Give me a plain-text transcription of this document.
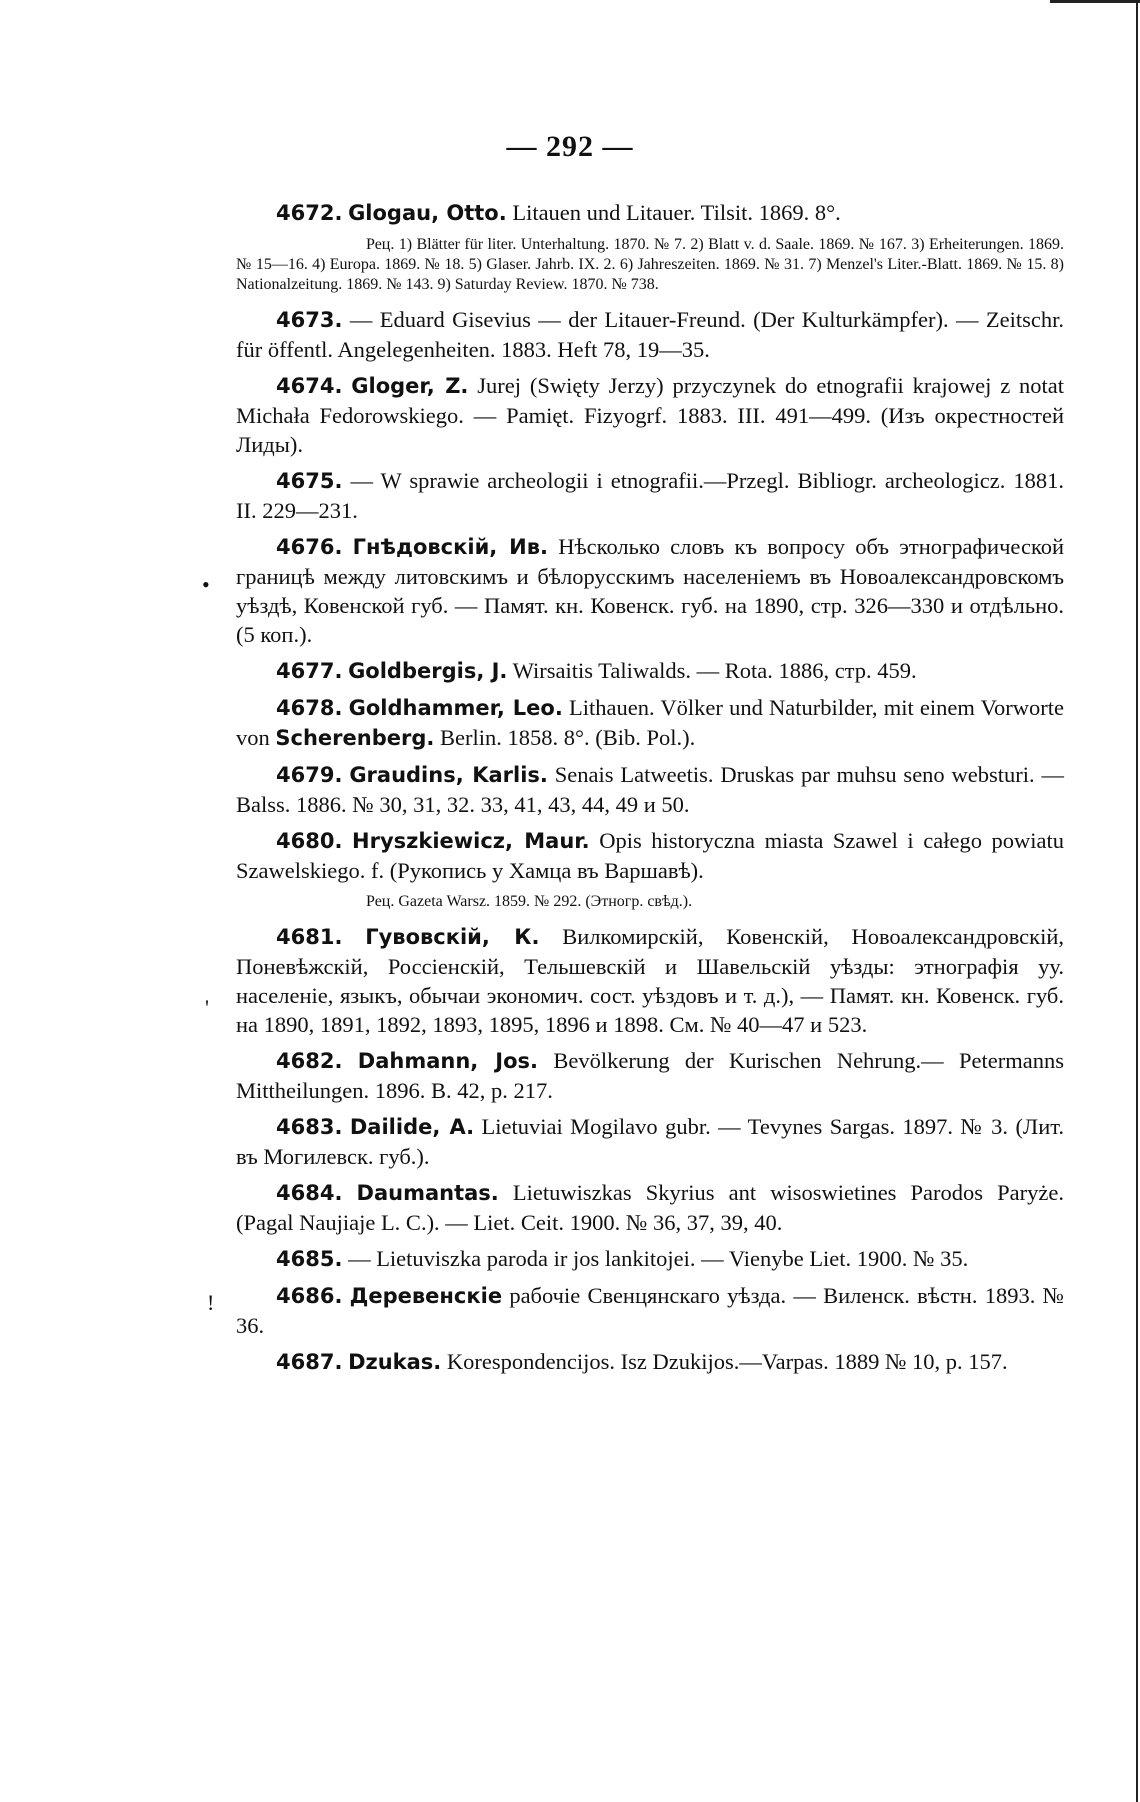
— 292 —
•
'
!

4672. Glogau, Otto. Litauen und Litauer. Tilsit. 1869. 8°.

Рец. 1) Blätter für liter. Unterhaltung. 1870. № 7. 2) Blatt v. d. Saale. 1869. № 167. 3) Erheiterungen. 1869. № 15—16. 4) Europa. 1869. № 18. 5) Glaser. Jahrb. IX. 2. 6) Jahreszeiten. 1869. № 31. 7) Menzel's Liter.-Blatt. 1869. № 15. 8) Nationalzeitung. 1869. № 143. 9) Saturday Review. 1870. № 738.

4673. — Eduard Gisevius — der Litauer-Freund. (Der Kulturkämpfer). — Zeitschr. für öffentl. Angelegenheiten. 1883. Heft 78, 19—35.

4674. Gloger, Z. Jurej (Swięty Jerzy) przyczynek do etnografii krajowej z notat Michała Fedorowskiego. — Pamięt. Fizyogrf. 1883. III. 491—499. (Изъ окрестностей Лиды).

4675. — W sprawie archeologii i etnografii.—Przegl. Bibliogr. archeologicz. 1881. II. 229—231.

4676. Гнѣдовскій, Ив. Нѣсколько словъ къ вопросу объ этнографической границѣ между литовскимъ и бѣлорусскимъ населеніемъ въ Новоалександровскомъ уѣздѣ, Ковенской губ. — Памят. кн. Ковенск. губ. на 1890, стр. 326—330 и отдѣльно. (5 коп.).

4677. Goldbergis, J. Wirsaitis Taliwalds. — Rota. 1886, стр. 459.

4678. Goldhammer, Leo. Lithauen. Völker und Naturbilder, mit einem Vorworte von Scherenberg. Berlin. 1858. 8°. (Bib. Pol.).

4679. Graudins, Karlis. Senais Latweetis. Druskas par muhsu seno websturi. — Balss. 1886. № 30, 31, 32. 33, 41, 43, 44, 49 и 50.

4680. Hryszkiewicz, Maur. Opis historyczna miasta Szawel i całego powiatu Szawelskiego. f. (Рукопись у Хамца въ Варшавѣ).

Рец. Gazeta Warsz. 1859. № 292. (Этногр. свѣд.).

4681. Гувовскій, К. Вилкомирскій, Ковенскій, Новоалександровскій, Поневѣжскій, Россіенскій, Тельшевскій и Шавельскій уѣзды: этнографія уу. населеніе, языкъ, обычаи экономич. сост. уѣздовъ и т. д.), — Памят. кн. Ковенск. губ. на 1890, 1891, 1892, 1893, 1895, 1896 и 1898. См. № 40—47 и 523.

4682. Dahmann, Jos. Bevölkerung der Kurischen Nehrung.— Petermanns Mittheilungen. 1896. B. 42, p. 217.

4683. Dailide, A. Lietuviai Mogilavo gubr. — Tevynes Sargas. 1897. № 3. (Лит. въ Могилевск. губ.).

4684. Daumantas. Lietuwiszkas Skyrius ant wisoswietines Parodos Paryże. (Pagal Naujiaje L. C.). — Liet. Ceit. 1900. № 36, 37, 39, 40.

4685. — Lietuviszka paroda ir jos lankitojei. — Vienybe Liet. 1900. № 35.

4686. Деревенскіе рабочіе Свенцянскаго уѣзда. — Виленск. вѣстн. 1893. № 36.

4687. Dzukas. Korespondencijos. Isz Dzukijos.—Varpas. 1889 № 10, p. 157.
